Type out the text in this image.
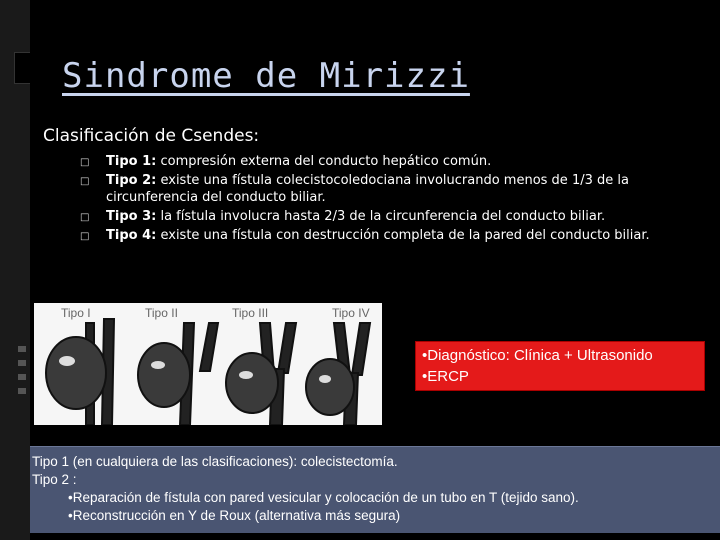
Sindrome de Mirizzi
Clasificación de Csendes:
□ Tipo 1: compresión externa del conducto hepático común.
□ Tipo 2: existe una fístula colecistocoledociana involucrando menos de 1/3 de la circunferencia del conducto biliar.
□ Tipo 3: la fístula involucra hasta 2/3 de la circunferencia del conducto biliar.
□ Tipo 4: existe una fístula con destrucción completa de la pared del conducto biliar.
Tipo I	Tipo II	Tipo III	Tipo IV
•Diagnóstico: Clínica + Ultrasonido
•ERCP
Tipo 1 (en cualquiera de las clasificaciones): colecistectomía.
Tipo 2 :
•Reparación de fístula con pared vesicular y colocación de un tubo en T (tejido sano).
•Reconstrucción en Y de Roux (alternativa más segura)
